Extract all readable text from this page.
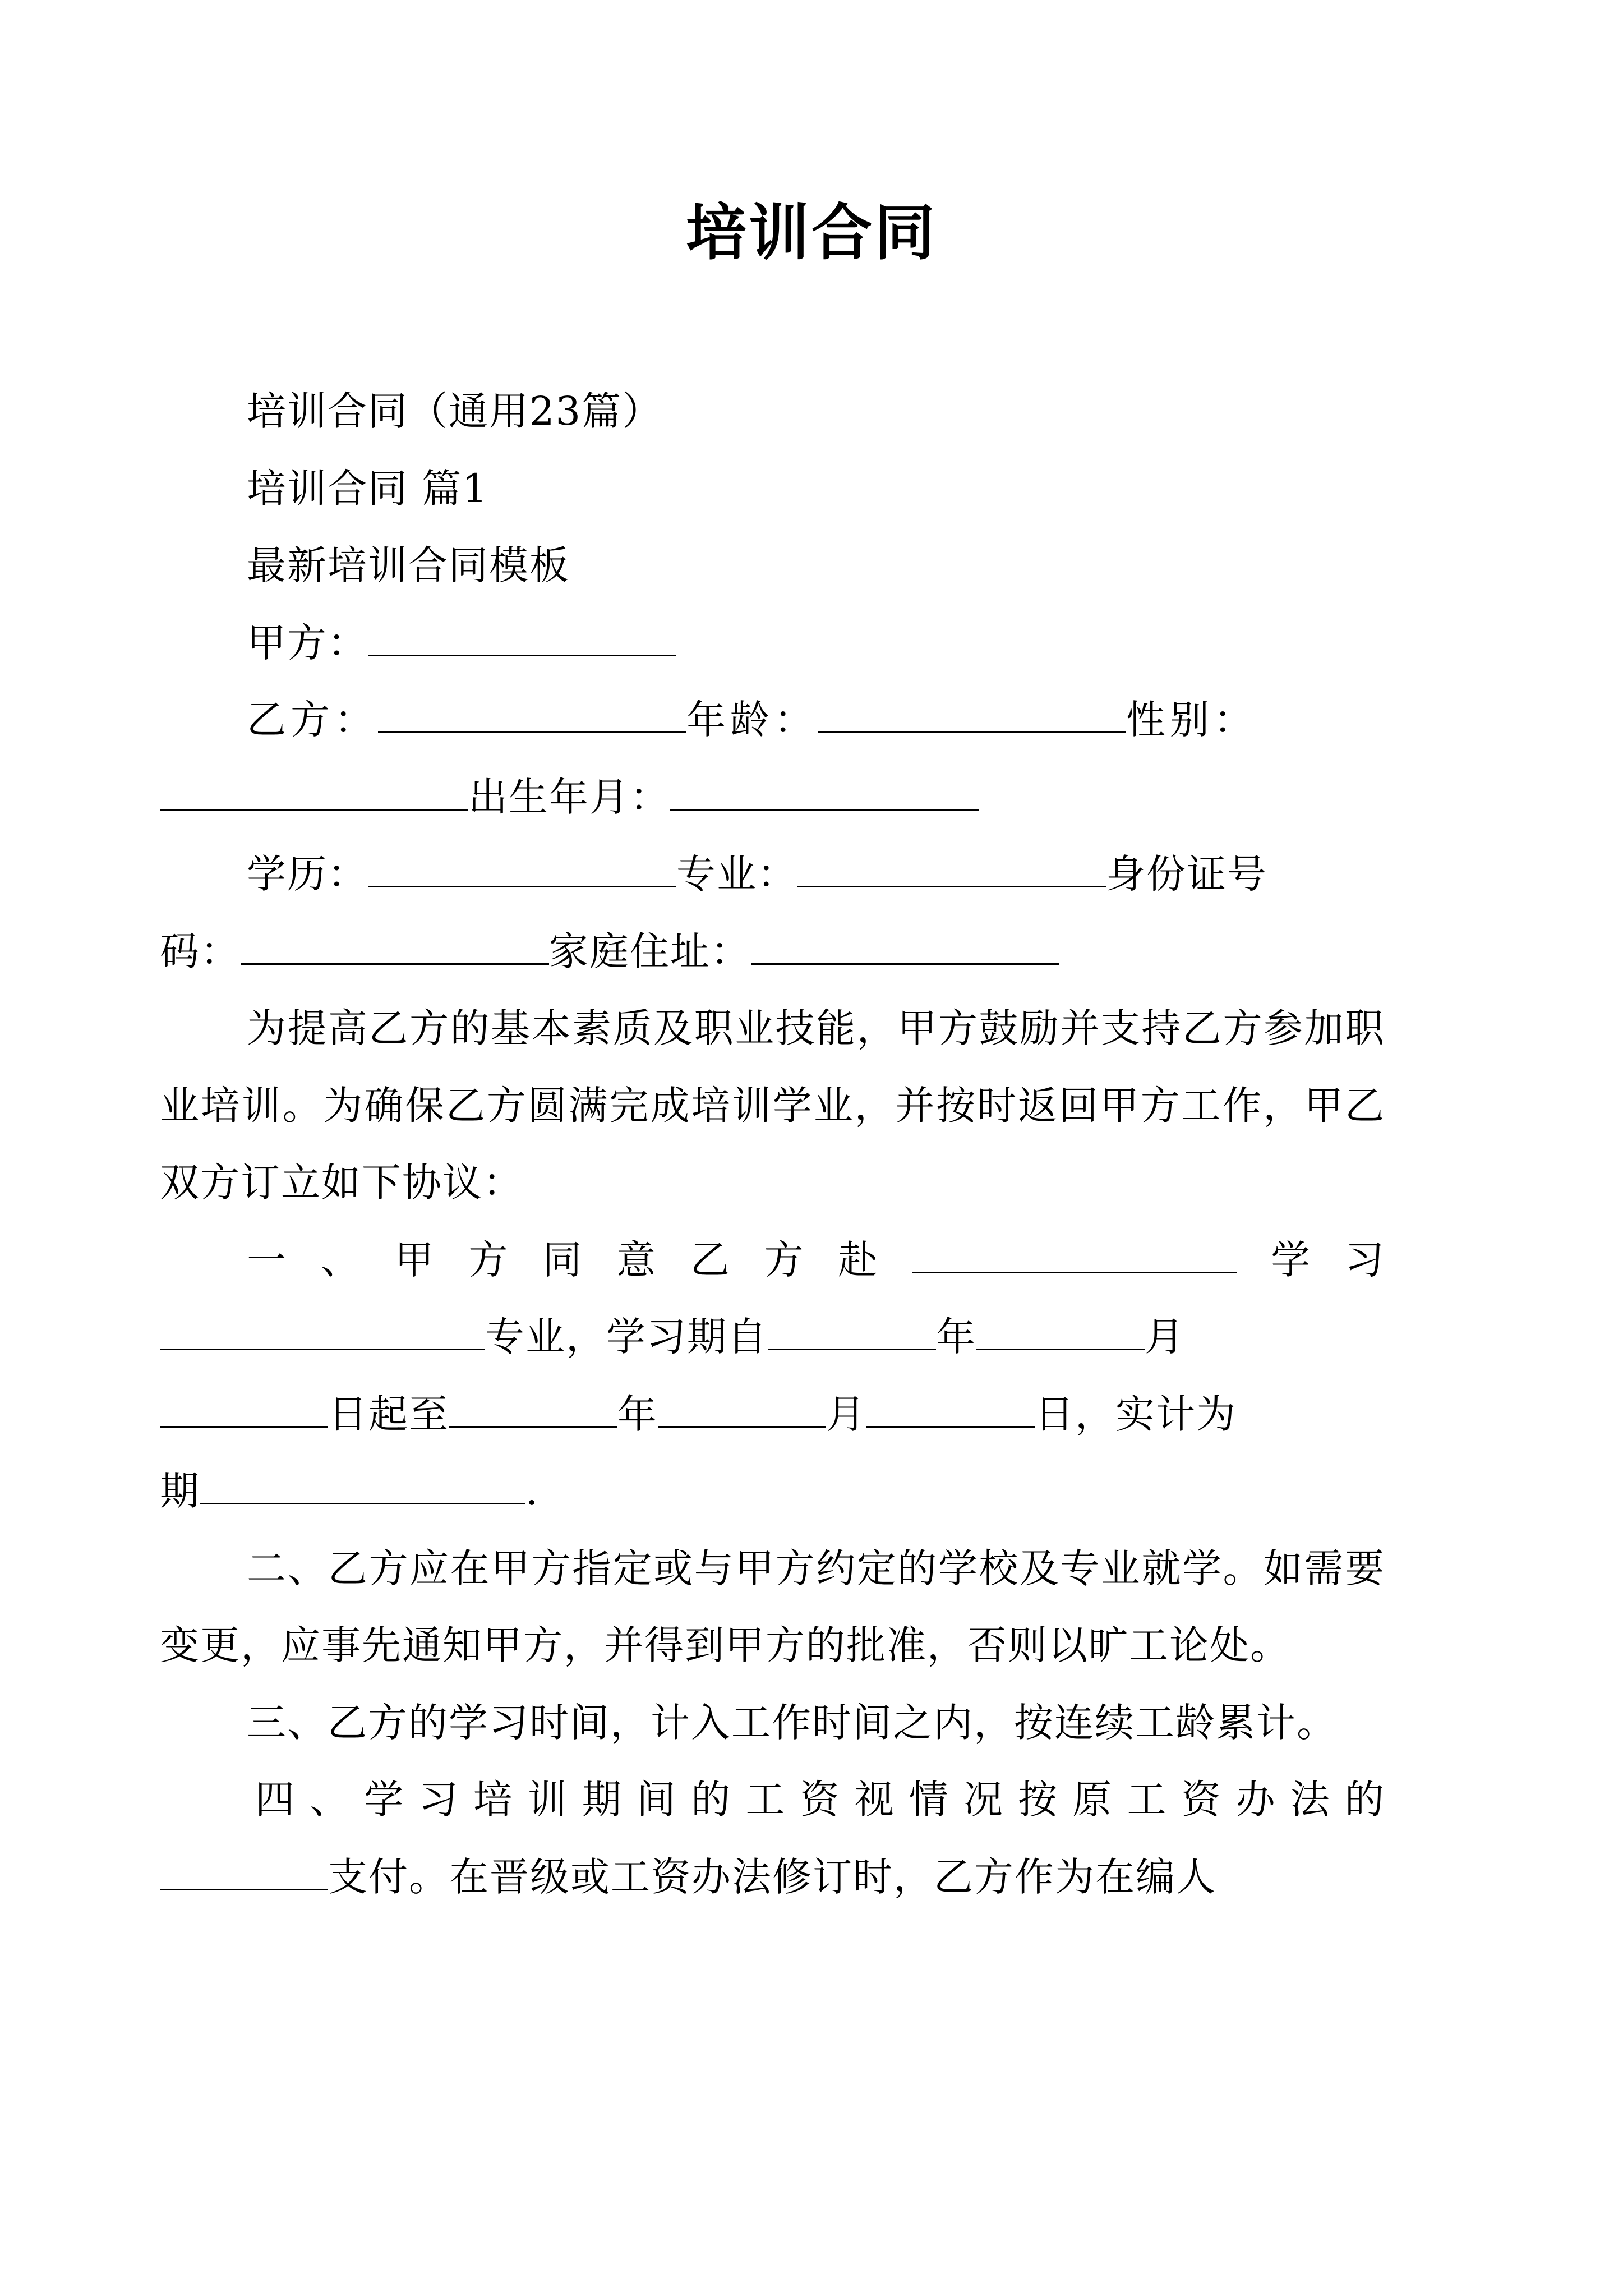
培训合同
培训合同（通用23篇）
培训合同 篇1
最新培训合同模板
甲方：
乙方：	年龄：	性别：
出生年月：
学历：	专业：	身份证号
码：	家庭住址：
为提高乙方的基本素质及职业技能，甲方鼓励并支持乙方参加职业培训。为确保乙方圆满完成培训学业，并按时返回甲方工作，甲乙双方订立如下协议：
一、甲方同意乙方赴	学习
专业，学习期自	年	月
日起至	年	月	日，实计为
期	.
二、乙方应在甲方指定或与甲方约定的学校及专业就学。如需要变更，应事先通知甲方，并得到甲方的批准，否则以旷工论处。
三、乙方的学习时间，计入工作时间之内，按连续工龄累计。
四、学习培训期间的工资视情况按原工资办法的
支付。在晋级或工资办法修订时，乙方作为在编人
